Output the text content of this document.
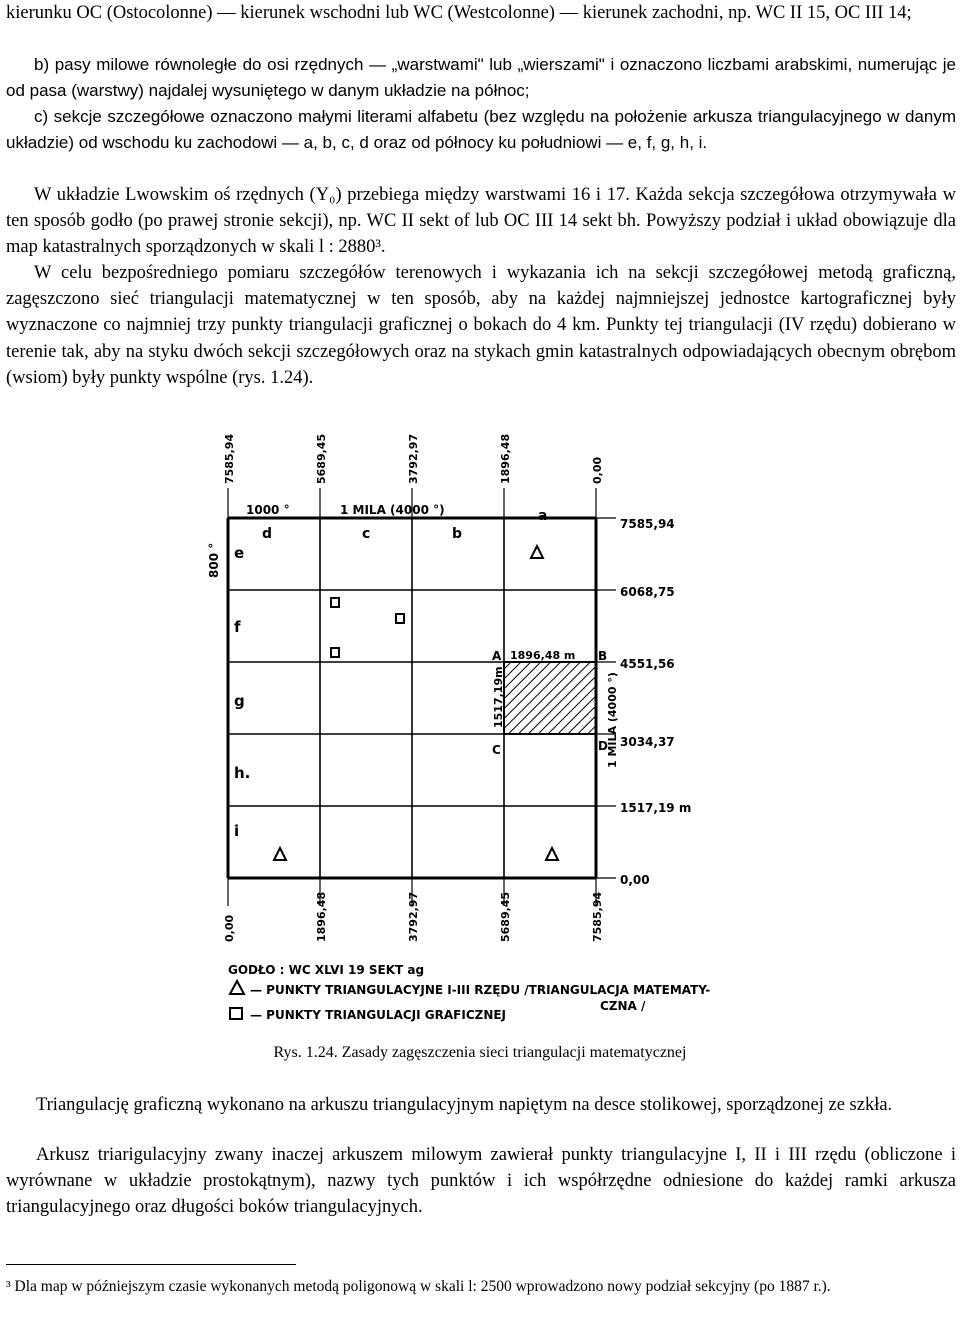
kierunku OC (Ostocolonne) — kierunek wschodni lub WC (Westcolonne) — kierunek zachodni, np. WC II 15, OC III 14;

b) pasy milowe równoległe do osi rzędnych — „warstwami" lub „wierszami" i oznaczono liczbami arabskimi, numerując je od pasa (warstwy) najdalej wysuniętego w danym układzie na północ;

c) sekcje szczegółowe oznaczono małymi literami alfabetu (bez względu na położenie arkusza triangulacyjnego w danym układzie) od wschodu ku zachodowi — a, b, c, d oraz od północy ku południowi — e, f, g, h, i.

W układzie Lwowskim oś rzędnych (Y₀) przebiega między warstwami 16 i 17. Każda sekcja szczegółowa otrzymywała w ten sposób godło (po prawej stronie sekcji), np. WC II sekt of lub OC III 14 sekt bh. Powyższy podział i układ obowiązuje dla map katastralnych sporządzonych w skali l : 2880³.

W celu bezpośredniego pomiaru szczegółów terenowych i wykazania ich na sekcji szczegółowej metodą graficzną, zagęszczono sieć triangulacji matematycznej w ten sposób, aby na każdej najmniejszej jednostce kartograficznej były wyznaczone co najmniej trzy punkty triangulacji graficznej o bokach do 4 km. Punkty tej triangulacji (IV rzędu) dobierano w terenie tak, aby na styku dwóch sekcji szczegółowych oraz na stykach gmin katastralnych odpowiadających obecnym obrębom (wsiom) były punkty wspólne (rys. 1.24).

7585,94	5689,45	3792,97	1896,48	0,00
0,00	1896,48	3792,97	5689,45	7585,94
7585,94
6068,75
4551,56
3034,37
1517,19 m
0,00
1000 °	1 MILA (4000 °)
d	c	b
a
800 ° e
f
g
h.
i
A	B
C	D
1896,48 m
1517,19m	1 MILA (4000 °)
GODŁO : WC XLVI 19 SEKT ag
— PUNKTY TRIANGULACYJNE I-III RZĘDU /TRIANGULACJA MATEMATY-
CZNA /
— PUNKTY TRIANGULACJI GRAFICZNEJ
Rys. 1.24. Zasady zagęszczenia sieci triangulacji matematycznej

Triangulację graficzną wykonano na arkuszu triangulacyjnym napiętym na desce stolikowej, sporządzonej ze szkła.

Arkusz triarigulacyjny zwany inaczej arkuszem milowym zawierał punkty triangulacyjne I, II i III rzędu (obliczone i wyrównane w układzie prostokątnym), nazwy tych punktów i ich współrzędne odniesione do każdej ramki arkusza triangulacyjnego oraz długości boków triangulacyjnych.

³ Dla map w późniejszym czasie wykonanych metodą poligonową w skali l: 2500 wprowadzono nowy podział sekcyjny (po 1887 r.).
